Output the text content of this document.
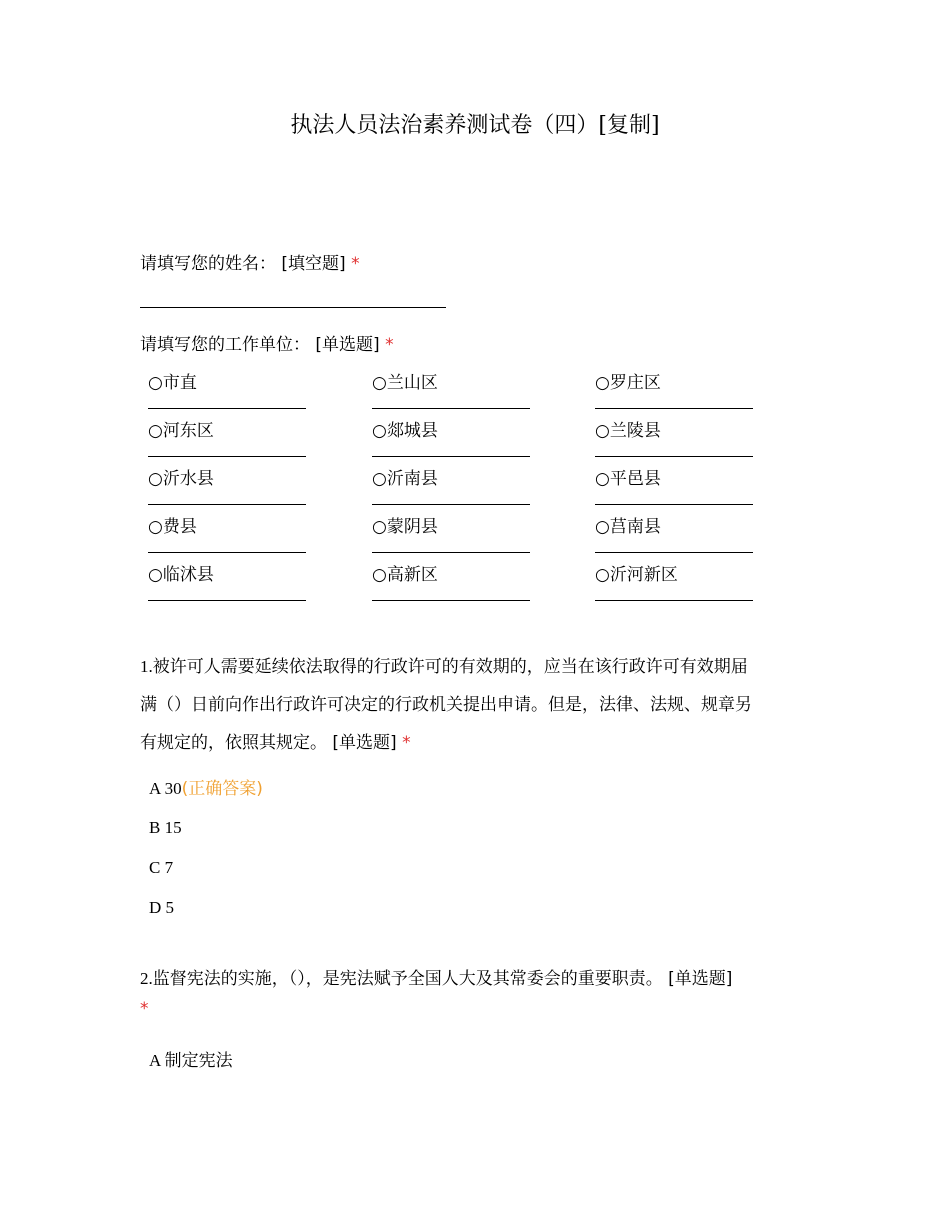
执法人员法治素养测试卷（四）[复制]
请填写您的姓名： [填空题] *
请填写您的工作单位： [单选题] *
○市直	○兰山区	○罗庄区
○河东区	○郯城县	○兰陵县
○沂水县	○沂南县	○平邑县
○费县	○蒙阴县	○莒南县
○临沭县	○高新区	○沂河新区
1.被许可人需要延续依法取得的行政许可的有效期的，应当在该行政许可有效期届
满（）日前向作出行政许可决定的行政机关提出申请。但是，法律、法规、规章另
有规定的，依照其规定。 [单选题] *
A 30(正确答案)
B 15
C 7
D 5
2.监督宪法的实施，（），是宪法赋予全国人大及其常委会的重要职责。 [单选题]
*
A 制定宪法
